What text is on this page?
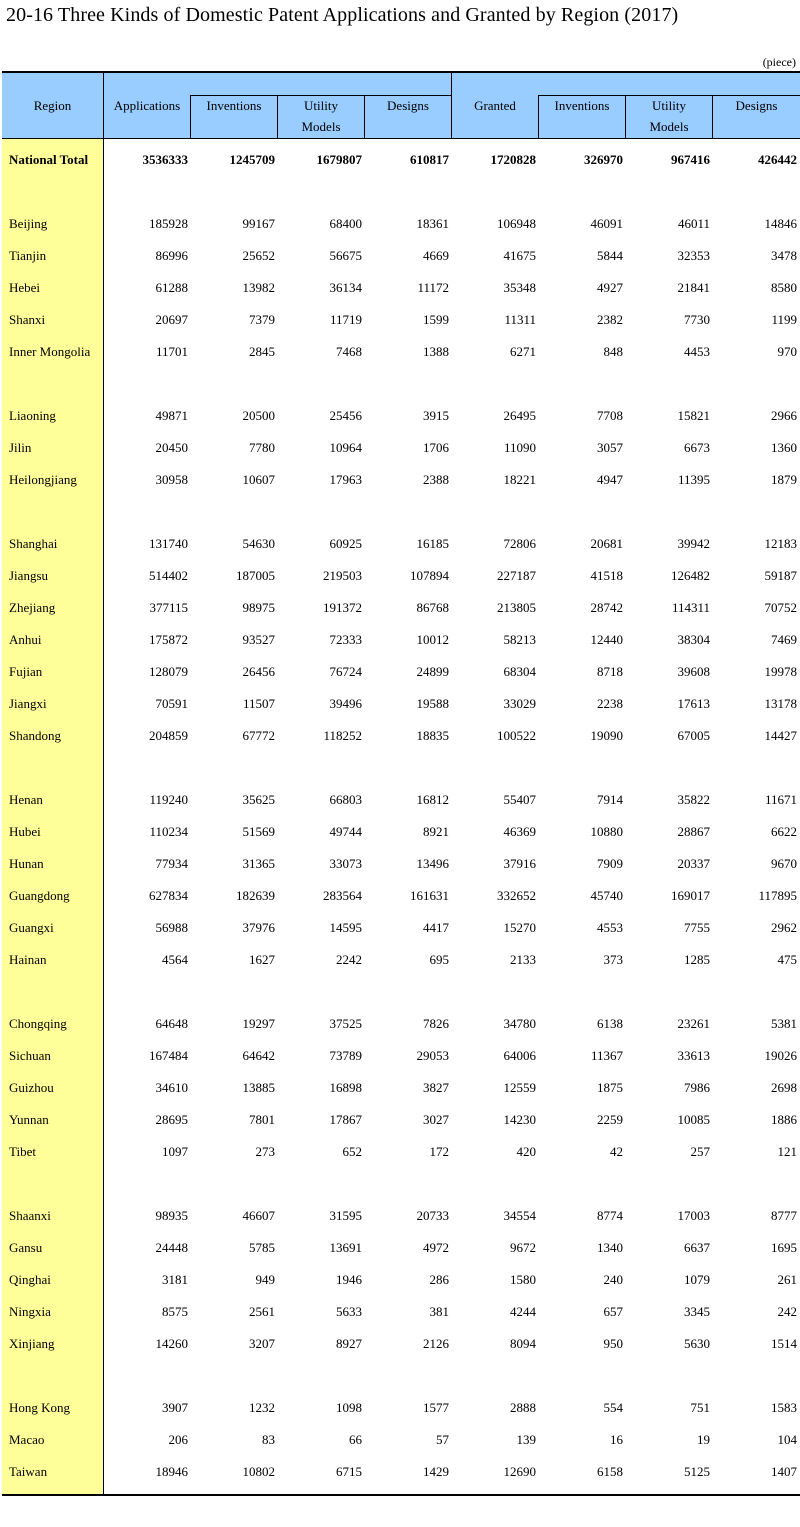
20-16 Three Kinds of Domestic Patent Applications and Granted by Region (2017)
(piece)
Region	Applications	Inventions	Utility
Models
Designs	Granted	Inventions	Utility
Models
Designs
National Total	3536333	1245709	1679807	610817	1720828	326970	967416	426442
Beijing	185928	99167	68400	18361	106948	46091	46011	14846
Tianjin	86996	25652	56675	4669	41675	5844	32353	3478
Hebei	61288	13982	36134	11172	35348	4927	21841	8580
Shanxi	20697	7379	11719	1599	11311	2382	7730	1199
Inner Mongolia	11701	2845	7468	1388	6271	848	4453	970
Liaoning	49871	20500	25456	3915	26495	7708	15821	2966
Jilin	20450	7780	10964	1706	11090	3057	6673	1360
Heilongjiang	30958	10607	17963	2388	18221	4947	11395	1879
Shanghai	131740	54630	60925	16185	72806	20681	39942	12183
Jiangsu	514402	187005	219503	107894	227187	41518	126482	59187
Zhejiang	377115	98975	191372	86768	213805	28742	114311	70752
Anhui	175872	93527	72333	10012	58213	12440	38304	7469
Fujian	128079	26456	76724	24899	68304	8718	39608	19978
Jiangxi	70591	11507	39496	19588	33029	2238	17613	13178
Shandong	204859	67772	118252	18835	100522	19090	67005	14427
Henan	119240	35625	66803	16812	55407	7914	35822	11671
Hubei	110234	51569	49744	8921	46369	10880	28867	6622
Hunan	77934	31365	33073	13496	37916	7909	20337	9670
Guangdong	627834	182639	283564	161631	332652	45740	169017	117895
Guangxi	56988	37976	14595	4417	15270	4553	7755	2962
Hainan	4564	1627	2242	695	2133	373	1285	475
Chongqing	64648	19297	37525	7826	34780	6138	23261	5381
Sichuan	167484	64642	73789	29053	64006	11367	33613	19026
Guizhou	34610	13885	16898	3827	12559	1875	7986	2698
Yunnan	28695	7801	17867	3027	14230	2259	10085	1886
Tibet	1097	273	652	172	420	42	257	121
Shaanxi	98935	46607	31595	20733	34554	8774	17003	8777
Gansu	24448	5785	13691	4972	9672	1340	6637	1695
Qinghai	3181	949	1946	286	1580	240	1079	261
Ningxia	8575	2561	5633	381	4244	657	3345	242
Xinjiang	14260	3207	8927	2126	8094	950	5630	1514
Hong Kong	3907	1232	1098	1577	2888	554	751	1583
Macao	206	83	66	57	139	16	19	104
Taiwan	18946	10802	6715	1429	12690	6158	5125	1407
